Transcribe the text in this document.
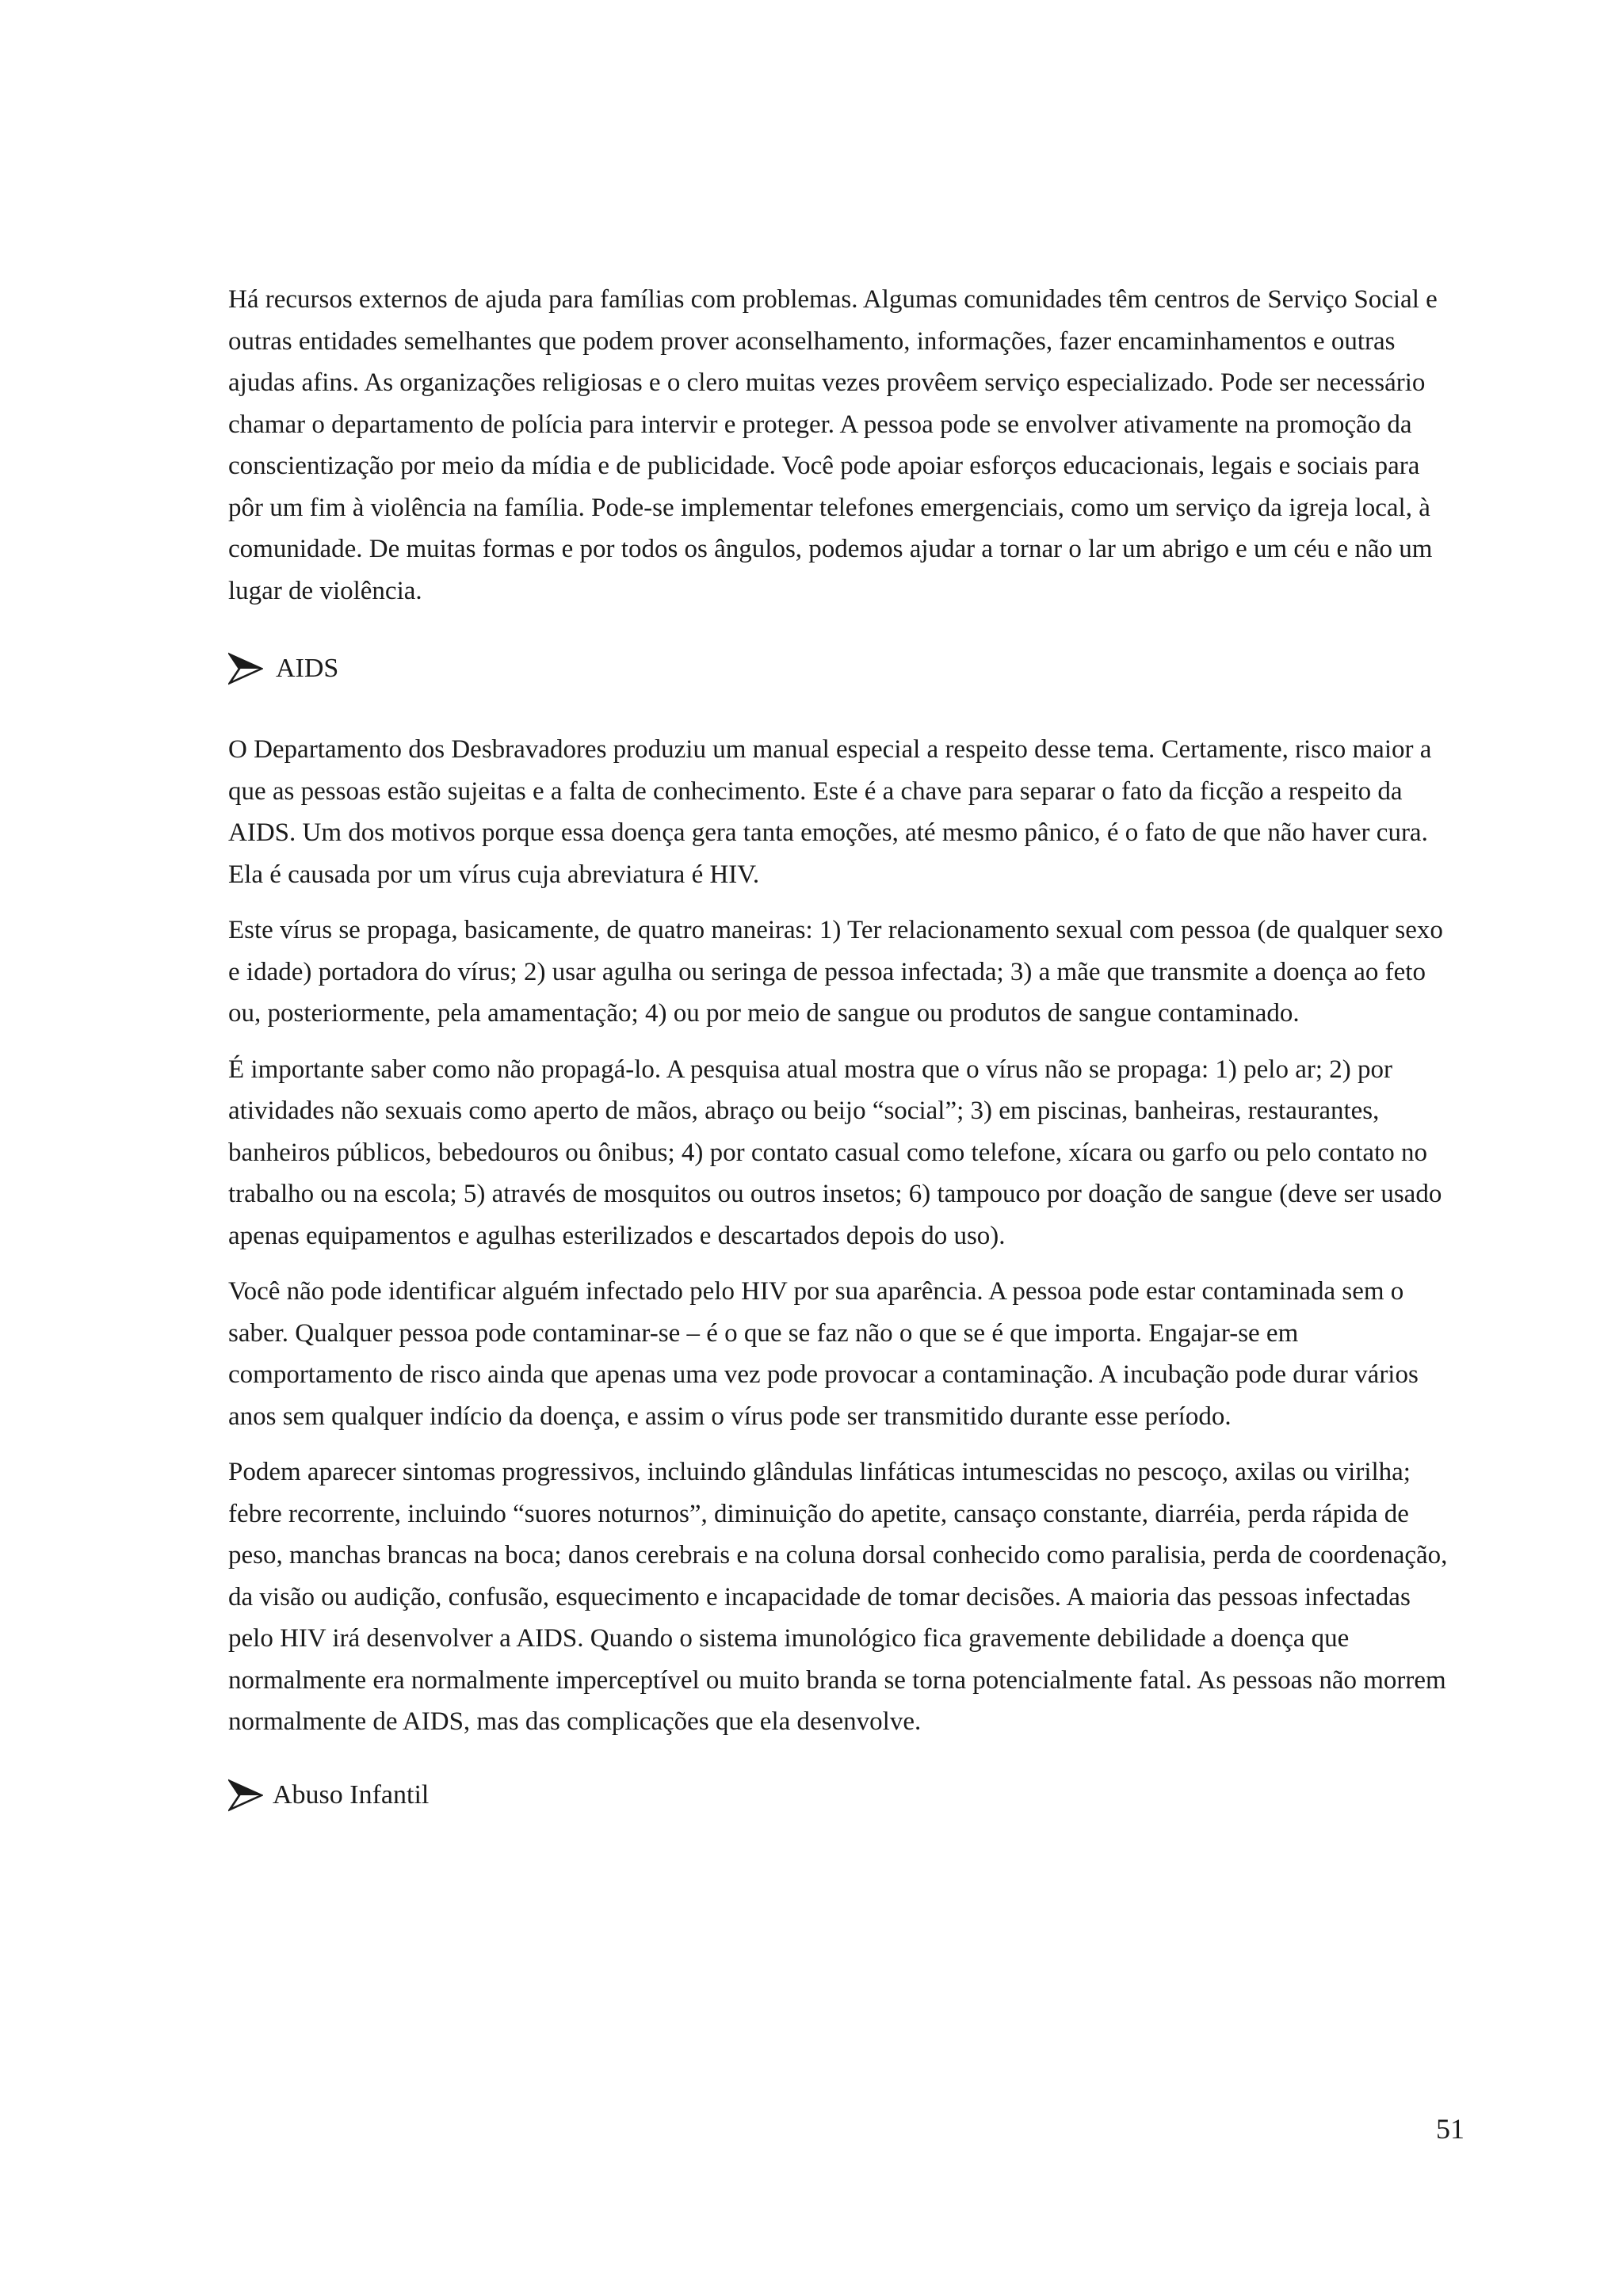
Há recursos externos de ajuda para famílias com problemas. Algumas comunidades têm centros de Serviço Social e outras entidades semelhantes que podem prover aconselhamento, informações, fazer encaminhamentos e outras ajudas afins. As organizações religiosas e o clero muitas vezes provêem serviço especializado. Pode ser necessário chamar o departamento de polícia para intervir e proteger. A pessoa pode se envolver ativamente na promoção da conscientização por meio da mídia e de publicidade. Você pode apoiar esforços educacionais, legais e sociais para pôr um fim à violência na família. Pode-se implementar telefones emergenciais, como um serviço da igreja local, à comunidade. De muitas formas e por todos os ângulos, podemos ajudar a tornar o lar um abrigo e um céu e não um lugar de violência.

AIDS

O Departamento dos Desbravadores produziu um manual especial a respeito desse tema. Certamente, risco maior a que as pessoas estão sujeitas e a falta de conhecimento. Este é a chave para separar o fato da ficção a respeito da AIDS. Um dos motivos porque essa doença gera tanta emoções, até mesmo pânico, é o fato de que não haver cura. Ela é causada por um vírus cuja abreviatura é HIV.

Este vírus se propaga, basicamente, de quatro maneiras: 1) Ter relacionamento sexual com pessoa (de qualquer sexo e idade) portadora do vírus; 2) usar agulha ou seringa de pessoa infectada; 3) a mãe que transmite a doença ao feto ou, posteriormente, pela amamentação; 4) ou por meio de sangue ou produtos de sangue contaminado.

É importante saber como não propagá-lo. A pesquisa atual mostra que o vírus não se propaga: 1) pelo ar; 2) por atividades não sexuais como aperto de mãos, abraço ou beijo “social”; 3) em piscinas, banheiras, restaurantes, banheiros públicos, bebedouros ou ônibus; 4) por contato casual como telefone, xícara ou garfo ou pelo contato no trabalho ou na escola; 5) através de mosquitos ou outros insetos; 6) tampouco por doação de sangue (deve ser usado apenas equipamentos e agulhas esterilizados e descartados depois do uso).

Você não pode identificar alguém infectado pelo HIV por sua aparência. A pessoa pode estar contaminada sem o saber. Qualquer pessoa pode contaminar-se – é o que se faz não o que se é que importa. Engajar-se em comportamento de risco ainda que apenas uma vez pode provocar a contaminação. A incubação pode durar vários anos sem qualquer indício da doença, e assim o vírus pode ser transmitido durante esse período.

Podem aparecer sintomas progressivos, incluindo glândulas linfáticas intumescidas no pescoço, axilas ou virilha; febre recorrente, incluindo “suores noturnos”, diminuição do apetite, cansaço constante, diarréia, perda rápida de peso, manchas brancas na boca; danos cerebrais e na coluna dorsal conhecido como paralisia, perda de coordenação, da visão ou audição, confusão, esquecimento e incapacidade de tomar decisões. A maioria das pessoas infectadas pelo HIV irá desenvolver a AIDS. Quando o sistema imunológico fica gravemente debilidade a doença que normalmente era normalmente imperceptível ou muito branda se torna potencialmente fatal. As pessoas não morrem normalmente de AIDS, mas das complicações que ela desenvolve.

Abuso Infantil
51
